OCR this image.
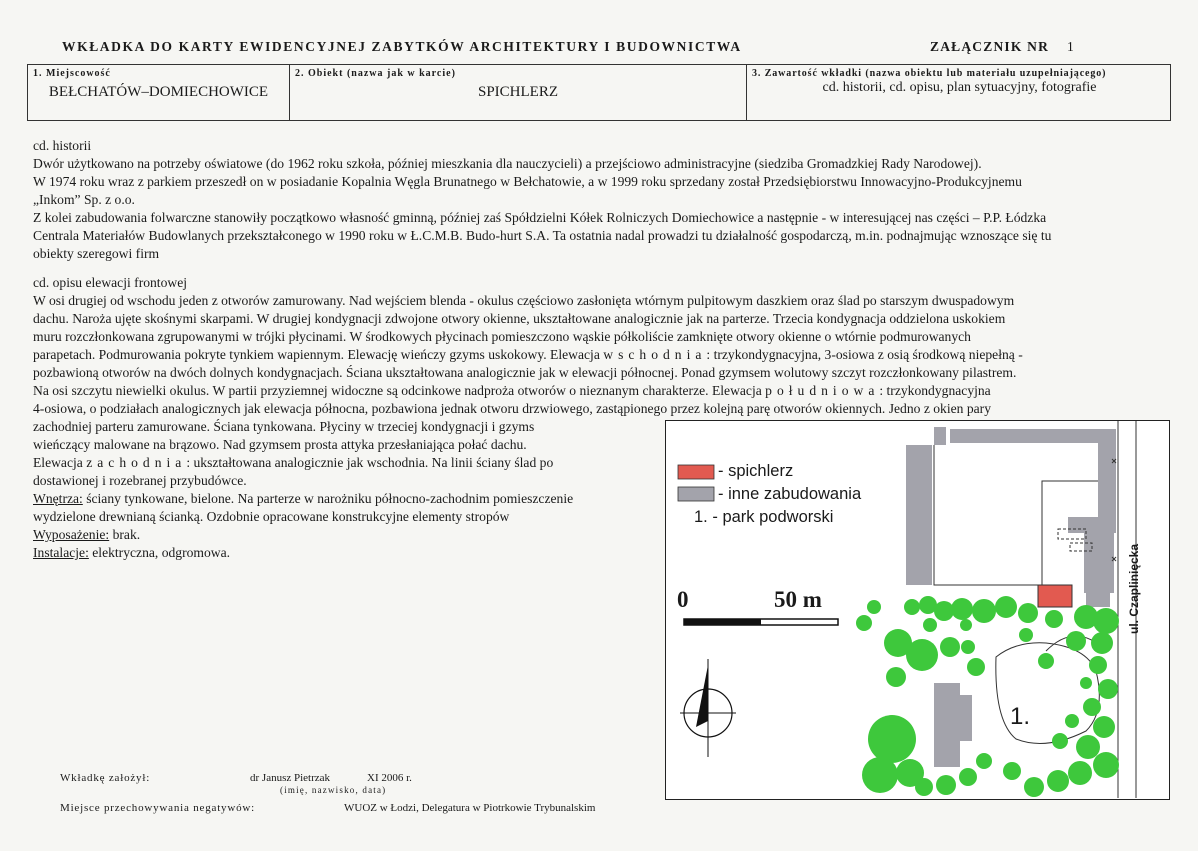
WKŁADKA DO KARTY EWIDENCYJNEJ ZABYTKÓW ARCHITEKTURY I BUDOWNICTWA	ZAŁĄCZNIK NR 1
1. Miejscowość
BEŁCHATÓW–DOMIECHOWICE
2. Obiekt (nazwa jak w karcie)
SPICHLERZ
3. Zawartość wkładki (nazwa obiektu lub materiału uzupełniającego)
cd. historii, cd. opisu, plan sytuacyjny, fotografie
cd. historii
Dwór użytkowano na potrzeby oświatowe (do 1962 roku szkoła, później mieszkania dla nauczycieli) a przejściowo administracyjne (siedziba Gromadzkiej Rady Narodowej).
W 1974 roku wraz z parkiem przeszedł on w posiadanie Kopalnia Węgla Brunatnego w Bełchatowie, a w 1999 roku sprzedany został Przedsiębiorstwu Innowacyjno-Produkcyjnemu
„Inkom” Sp. z o.o.
Z kolei zabudowania folwarczne stanowiły początkowo własność gminną, później zaś Spółdzielni Kółek Rolniczych Domiechowice a następnie - w interesującej nas części – P.P. Łódzka
Centrala Materiałów Budowlanych przekształconego w 1990 roku w Ł.C.M.B. Budo-hurt S.A. Ta ostatnia nadal prowadzi tu działalność gospodarczą, m.in. podnajmując wznoszące się tu
obiekty szeregowi firm
cd. opisu elewacji frontowej
W osi drugiej od wschodu jeden z otworów zamurowany. Nad wejściem blenda - okulus częściowo zasłonięta wtórnym pulpitowym daszkiem oraz ślad po starszym dwuspadowym
dachu. Naroża ujęte skośnymi skarpami. W drugiej kondygnacji zdwojone otwory okienne, ukształtowane analogicznie jak na parterze. Trzecia kondygnacja oddzielona uskokiem
muru rozczłonkowana zgrupowanymi w trójki płycinami. W środkowych płycinach pomieszczono wąskie półkoliście zamknięte otwory okienne o wtórnie podmurowanych
parapetach. Podmurowania pokryte tynkiem wapiennym. Elewację wieńczy gzyms uskokowy. Elewacja wschodnia: trzykondygnacyjna, 3-osiowa z osią środkową niepełną -
pozbawioną otworów na dwóch dolnych kondygnacjach. Ściana ukształtowana analogicznie jak w elewacji północnej. Ponad gzymsem wolutowy szczyt rozczłonkowany pilastrem.
Na osi szczytu niewielki okulus. W partii przyziemnej widoczne są odcinkowe nadproża otworów o nieznanym charakterze. Elewacja południowa: trzykondygnacyjna
4-osiowa, o podziałach analogicznych jak elewacja północna, pozbawiona jednak otworu drzwiowego, zastąpionego przez kolejną parę otworów okiennych. Jedno z okien pary
zachodniej parteru zamurowane. Ściana tynkowana. Płyciny w trzeciej kondygnacji i gzyms
wieńczący malowane na brązowo. Nad gzymsem prosta attyka przesłaniająca połać dachu.
Elewacja zachodnia: ukształtowana analogicznie jak wschodnia. Na linii ściany ślad po
dostawionej i rozebranej przybudówce.
Wnętrza: ściany tynkowane, bielone. Na parterze w narożniku północno-zachodnim pomieszczenie
wydzielone drewnianą ścianką. Ozdobnie opracowane konstrukcyjne elementy stropów
Wyposażenie: brak.
Instalacje: elektryczna, odgromowa.
- spichlerz
- inne zabudowania
1. - park podworski
0	50 m
1.
ul. Czaplinięcka
Wkładkę założył:	dr Janusz Pietrzak	XI 2006 r.
(imię, nazwisko, data)
Miejsce przechowywania negatywów:	WUOZ w Łodzi, Delegatura w Piotrkowie Trybunalskim
